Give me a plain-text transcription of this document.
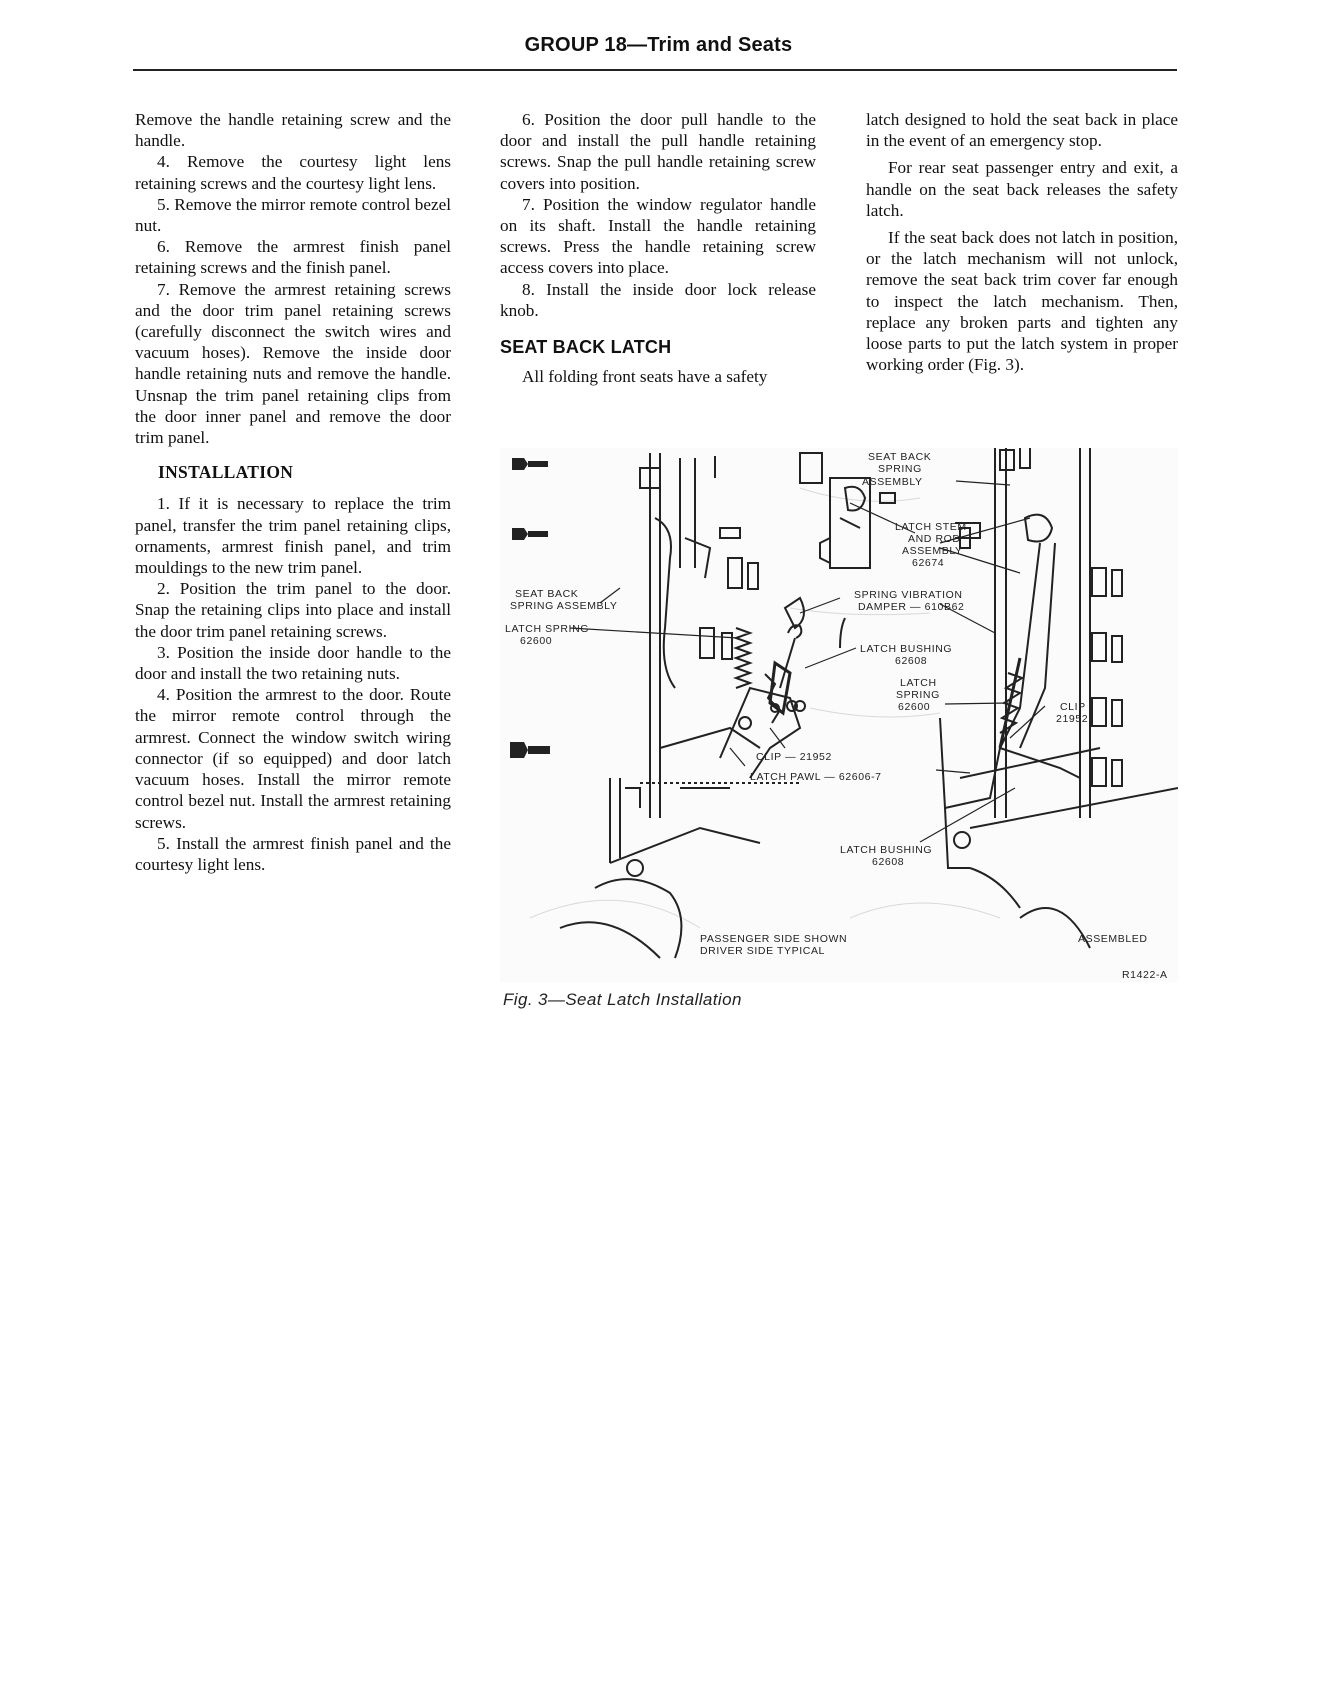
GROUP 18—Trim and Seats

Remove the handle retaining screw and the handle.

4. Remove the courtesy light lens retaining screws and the courtesy light lens.

5. Remove the mirror remote control bezel nut.

6. Remove the armrest finish panel retaining screws and the finish panel.

7. Remove the armrest retaining screws and the door trim panel retaining screws (carefully disconnect the switch wires and vacuum hoses). Remove the inside door handle retaining nuts and remove the handle. Unsnap the trim panel retaining clips from the door inner panel and remove the door trim panel.

INSTALLATION

1. If it is necessary to replace the trim panel, transfer the trim panel retaining clips, ornaments, armrest finish panel, and trim mouldings to the new trim panel.

2. Position the trim panel to the door. Snap the retaining clips into place and install the door trim panel retaining screws.

3. Position the inside door handle to the door and install the two retaining nuts.

4. Position the armrest to the door. Route the mirror remote control through the armrest. Connect the window switch wiring connector (if so equipped) and door latch vacuum hoses. Install the mirror remote control bezel nut. Install the armrest retaining screws.

5. Install the armrest finish panel and the courtesy light lens.

6. Position the door pull handle to the door and install the pull handle retaining screws. Snap the pull handle retaining screw covers into position.

7. Position the window regulator handle on its shaft. Install the handle retaining screws. Press the handle retaining screw access covers into place.

8. Install the inside door lock release knob.

SEAT BACK LATCH

All folding front seats have a safety

latch designed to hold the seat back in place in the event of an emergency stop.

For rear seat passenger entry and exit, a handle on the seat back releases the safety latch.

If the seat back does not latch in position, or the latch mechanism will not unlock, remove the seat back trim cover far enough to inspect the latch mechanism. Then, replace any broken parts and tighten any loose parts to put the latch system in proper working order (Fig. 3).

SEAT BACK
SPRING
ASSEMBLY
LATCH STEM
AND ROD
ASSEMBLY
62674
SEAT BACK
SPRING ASSEMBLY
SPRING VIBRATION
DAMPER — 610B62
LATCH SPRING
62600
LATCH BUSHING
62608
LATCH
SPRING
62600
CLIP — 21952
CLIP
21952
LATCH PAWL — 62606-7
LATCH BUSHING
62608
PASSENGER SIDE SHOWN
DRIVER SIDE TYPICAL
ASSEMBLED
R1422-A
Fig. 3—Seat Latch Installation
